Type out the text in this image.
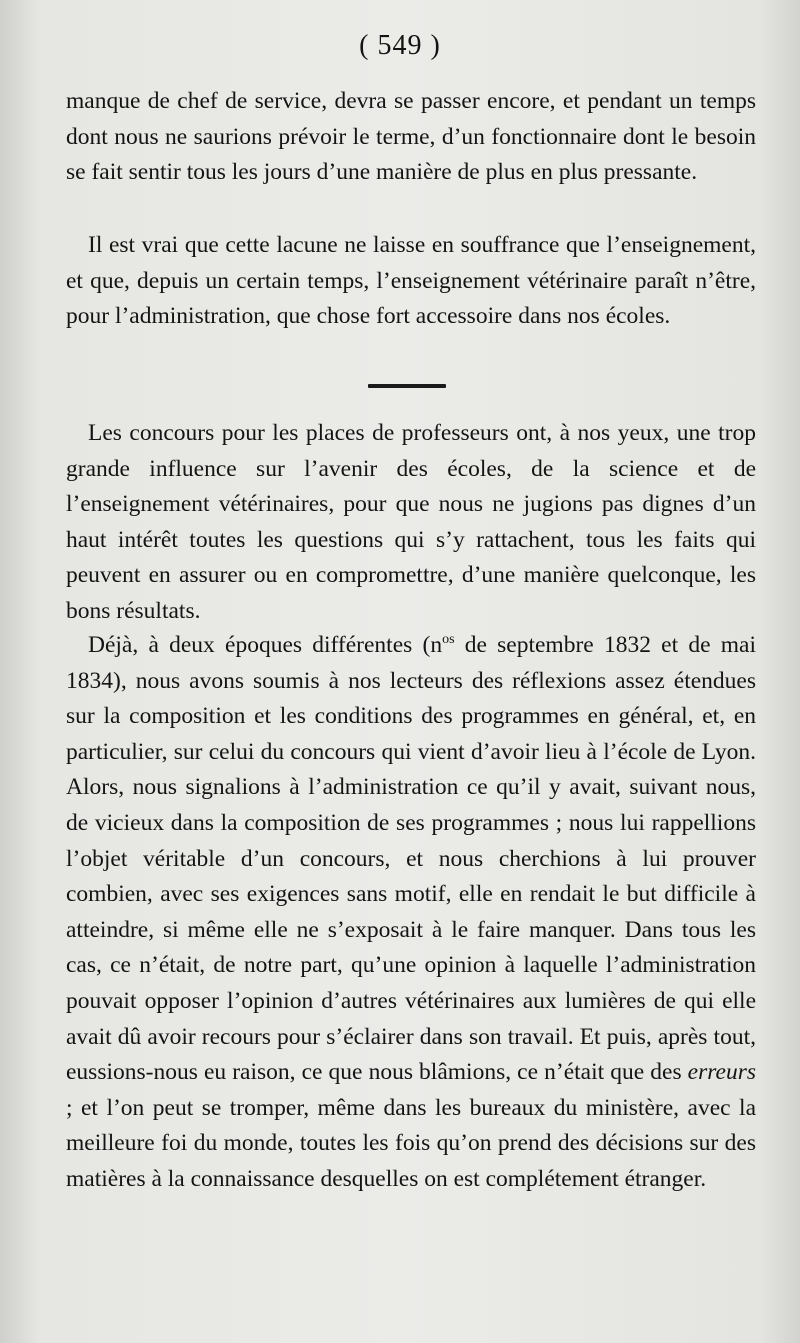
( 549 )

manque de chef de service, devra se passer encore, et pendant un temps dont nous ne saurions prévoir le terme, d’un fonctionnaire dont le besoin se fait sentir tous les jours d’une manière de plus en plus pressante.

Il est vrai que cette lacune ne laisse en souffrance que l’enseignement, et que, depuis un certain temps, l’enseignement vétérinaire paraît n’être, pour l’administration, que chose fort accessoire dans nos écoles.

Les concours pour les places de professeurs ont, à nos yeux, une trop grande influence sur l’avenir des écoles, de la science et de l’enseignement vétérinaires, pour que nous ne jugions pas dignes d’un haut intérêt toutes les questions qui s’y rattachent, tous les faits qui peuvent en assurer ou en compromettre, d’une manière quelconque, les bons résultats.

Déjà, à deux époques différentes ($n^{os}$ de septembre 1832 et de mai 1834), nous avons soumis à nos lecteurs des réflexions assez étendues sur la composition et les conditions des programmes en général, et, en particulier, sur celui du concours qui vient d’avoir lieu à l’école de Lyon. Alors, nous signalions à l’administration ce qu’il y avait, suivant nous, de vicieux dans la composition de ses programmes ; nous lui rappellions l’objet véritable d’un concours, et nous cherchions à lui prouver combien, avec ses exigences sans motif, elle en rendait le but difficile à atteindre, si même elle ne s’exposait à le faire manquer. Dans tous les cas, ce n’était, de notre part, qu’une opinion à laquelle l’administration pouvait opposer l’opinion d’autres vétérinaires aux lumières de qui elle avait dû avoir recours pour s’éclairer dans son travail. Et puis, après tout, eussions-nous eu raison, ce que nous blâmions, ce n’était que des erreurs ; et l’on peut se tromper, même dans les bureaux du ministère, avec la meilleure foi du monde, toutes les fois qu’on prend des décisions sur des matières à la connaissance desquelles on est complétement étranger.
